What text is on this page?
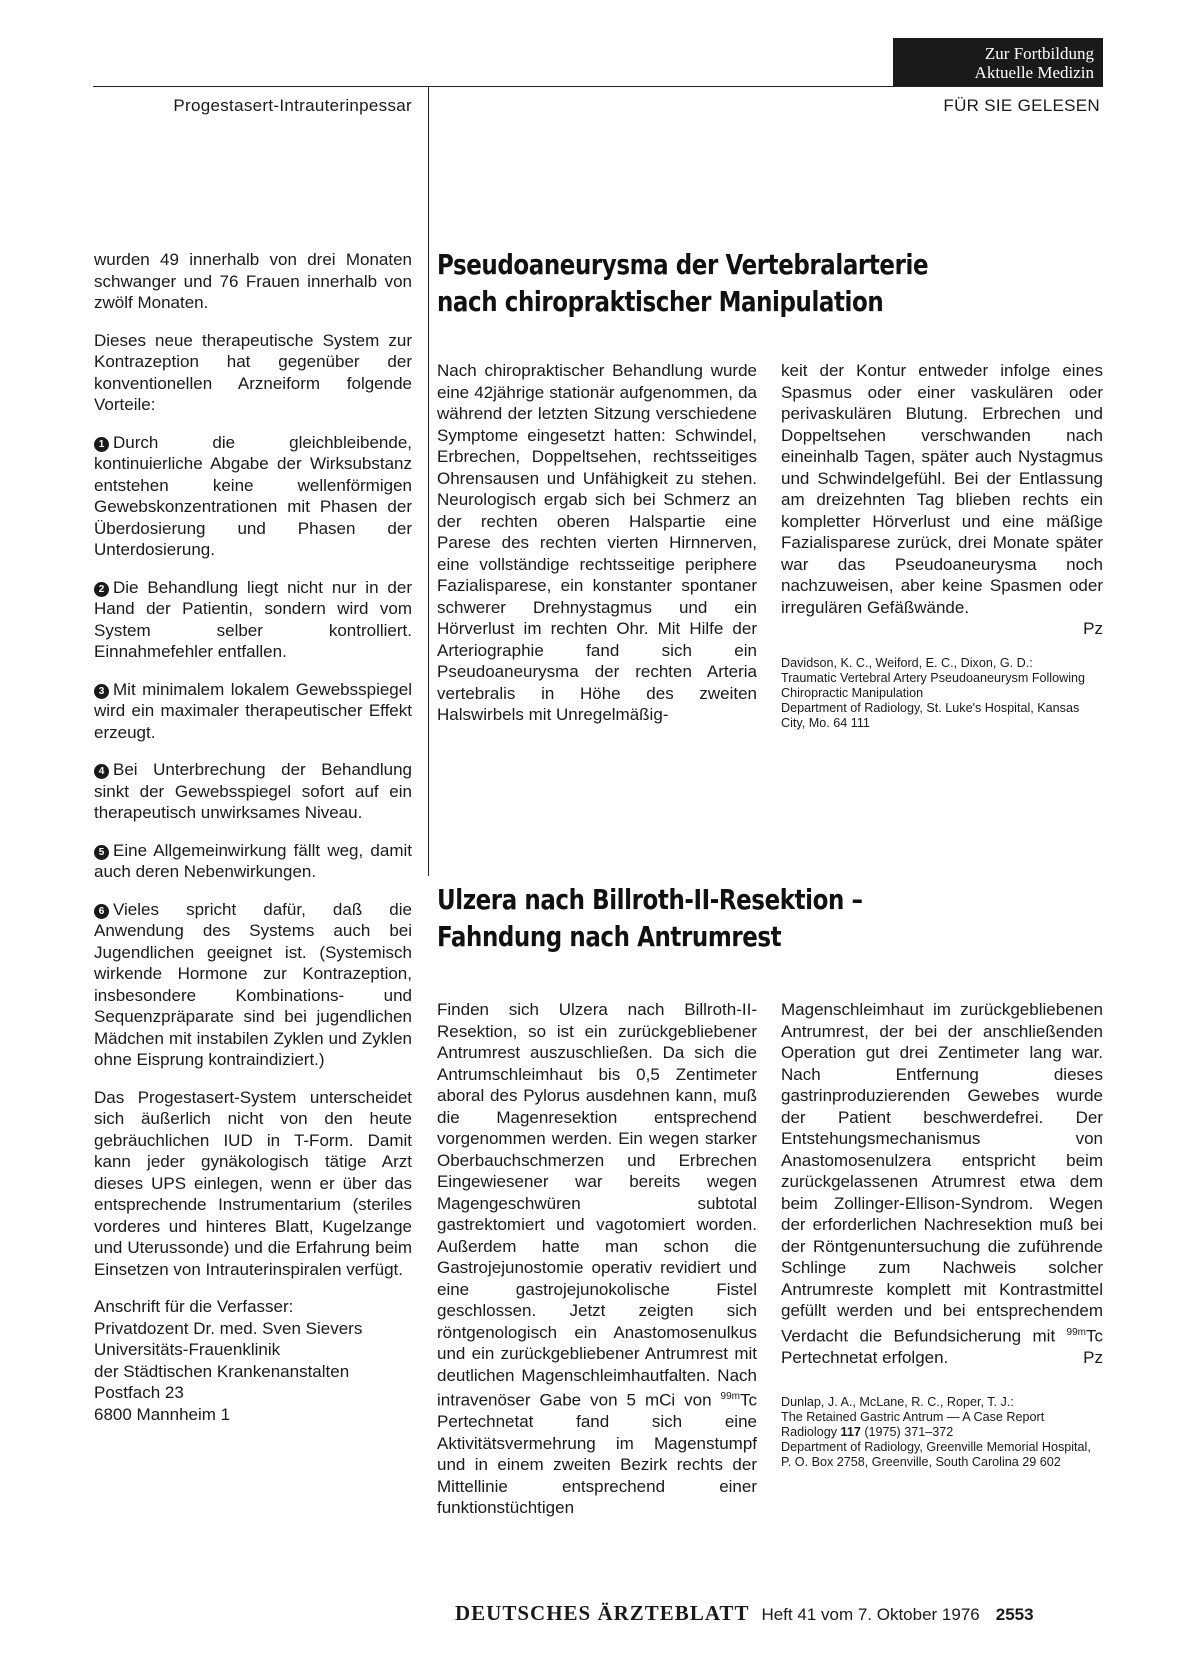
Zur Fortbildung
Aktuelle Medizin
Progestasert-Intrauterinpessar	FÜR SIE GELESEN

wurden 49 innerhalb von drei Monaten schwanger und 76 Frauen innerhalb von zwölf Monaten.

Dieses neue therapeutische System zur Kontrazeption hat gegenüber der konventionellen Arzneiform folgende Vorteile:

1 Durch die gleichbleibende, kontinuierliche Abgabe der Wirksubstanz entstehen keine wellenförmigen Gewebskonzentrationen mit Phasen der Überdosierung und Phasen der Unterdosierung.

2 Die Behandlung liegt nicht nur in der Hand der Patientin, sondern wird vom System selber kontrolliert. Einnahmefehler entfallen.

3 Mit minimalem lokalem Gewebsspiegel wird ein maximaler therapeutischer Effekt erzeugt.

4 Bei Unterbrechung der Behandlung sinkt der Gewebsspiegel sofort auf ein therapeutisch unwirksames Niveau.

5 Eine Allgemeinwirkung fällt weg, damit auch deren Nebenwirkungen.

6 Vieles spricht dafür, daß die Anwendung des Systems auch bei Jugendlichen geeignet ist. (Systemisch wirkende Hormone zur Kontrazeption, insbesondere Kombinations- und Sequenzpräparate sind bei jugendlichen Mädchen mit instabilen Zyklen und Zyklen ohne Eisprung kontraindiziert.)

Das Progestasert-System unterscheidet sich äußerlich nicht von den heute gebräuchlichen IUD in T-Form. Damit kann jeder gynäkologisch tätige Arzt dieses UPS einlegen, wenn er über das entsprechende Instrumentarium (steriles vorderes und hinteres Blatt, Kugelzange und Uterussonde) und die Erfahrung beim Einsetzen von Intrauterinspiralen verfügt.

Anschrift für die Verfasser:
Privatdozent Dr. med. Sven Sievers
Universitäts-Frauenklinik
der Städtischen Krankenanstalten
Postfach 23
6800 Mannheim 1
Pseudoaneurysma der Vertebralarterie
nach chiropraktischer Manipulation

Nach chiropraktischer Behandlung wurde eine 42jährige stationär aufgenommen, da während der letzten Sitzung verschiedene Symptome eingesetzt hatten: Schwindel, Erbrechen, Doppeltsehen, rechtsseitiges Ohrensausen und Unfähigkeit zu stehen. Neurologisch ergab sich bei Schmerz an der rechten oberen Halspartie eine Parese des rechten vierten Hirnnerven, eine vollständige rechtsseitige periphere Fazialisparese, ein konstanter spontaner schwerer Drehnystagmus und ein Hörverlust im rechten Ohr. Mit Hilfe der Arteriographie fand sich ein Pseudoaneurysma der rechten Arteria vertebralis in Höhe des zweiten Halswirbels mit Unregelmäßig-

keit der Kontur entweder infolge eines Spasmus oder einer vaskulären oder perivaskulären Blutung. Erbrechen und Doppeltsehen verschwanden nach eineinhalb Tagen, später auch Nystagmus und Schwindelgefühl. Bei der Entlassung am dreizehnten Tag blieben rechts ein kompletter Hörverlust und eine mäßige Fazialisparese zurück, drei Monate später war das Pseudoaneurysma noch nachzuweisen, aber keine Spasmen oder irregulären Gefäßwände.

Pz
Davidson, K. C., Weiford, E. C., Dixon, G. D.:
Traumatic Vertebral Artery Pseudoaneurysm Following Chiropractic Manipulation
Department of Radiology, St. Luke's Hospital, Kansas City, Mo. 64 111
Ulzera nach Billroth-II-Resektion –
Fahndung nach Antrumrest

Finden sich Ulzera nach Billroth-II-Resektion, so ist ein zurückgebliebener Antrumrest auszuschließen. Da sich die Antrumschleimhaut bis 0,5 Zentimeter aboral des Pylorus ausdehnen kann, muß die Magenresektion entsprechend vorgenommen werden. Ein wegen starker Oberbauchschmerzen und Erbrechen Eingewiesener war bereits wegen Magengeschwüren subtotal gastrektomiert und vagotomiert worden. Außerdem hatte man schon die Gastrojejunostomie operativ revidiert und eine gastrojejunokolische Fistel geschlossen. Jetzt zeigten sich röntgenologisch ein Anastomosenulkus und ein zurückgebliebener Antrumrest mit deutlichen Magenschleimhautfalten. Nach intravenöser Gabe von 5 mCi von $^{99m}$Tc Pertechnetat fand sich eine Aktivitätsvermehrung im Magenstumpf und in einem zweiten Bezirk rechts der Mittellinie entsprechend einer funktionstüchtigen

Magenschleimhaut im zurückgebliebenen Antrumrest, der bei der anschließenden Operation gut drei Zentimeter lang war. Nach Entfernung dieses gastrinproduzierenden Gewebes wurde der Patient beschwerdefrei. Der Entstehungsmechanismus von Anastomosenulzera entspricht beim zurückgelassenen Atrumrest etwa dem beim Zollinger-Ellison-Syndrom. Wegen der erforderlichen Nachresektion muß bei der Röntgenuntersuchung die zuführende Schlinge zum Nachweis solcher Antrumreste komplett mit Kontrastmittel gefüllt werden und bei entsprechendem Verdacht die Befundsicherung mit $^{99m}$Tc Pertechnetat erfolgen.	Pz
Dunlap, J. A., McLane, R. C., Roper, T. J.:
The Retained Gastric Antrum — A Case Report
Radiology 117 (1975) 371–372
Department of Radiology, Greenville Memorial Hospital, P. O. Box 2758, Greenville, South Carolina 29 602
DEUTSCHES ÄRZTEBLATT Heft 41 vom 7. Oktober 1976 2553
